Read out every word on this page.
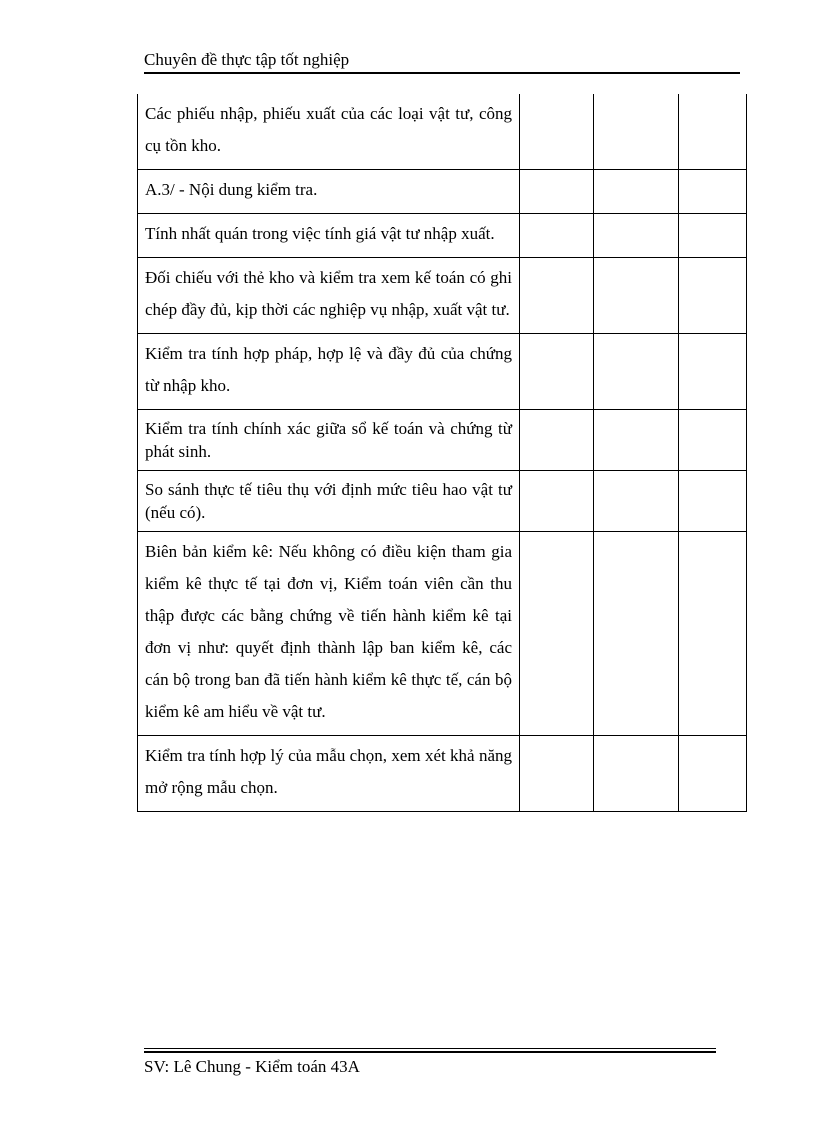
Chuyên đề thực tập tốt nghiệp
Các phiếu nhập, phiếu xuất của các loại vật tư, công cụ tồn kho.			

A.3/ - Nội dung kiểm tra.			

Tính nhất quán trong việc tính giá vật tư nhập xuất.			

Đối chiếu với thẻ kho và kiểm tra xem kế toán có ghi chép đầy đủ, kịp thời các nghiệp vụ nhập, xuất vật tư.			

Kiểm tra tính hợp pháp, hợp lệ và đầy đủ của chứng từ nhập kho.			

Kiểm tra tính chính xác giữa sổ kế toán và chứng từ phát sinh.			

So sánh thực tế tiêu thụ với định mức tiêu hao vật tư (nếu có).			

Biên bản kiểm kê: Nếu không có điều kiện tham gia kiểm kê thực tế tại đơn vị, Kiểm toán viên cần thu thập được các bằng chứng về tiến hành kiểm kê tại đơn vị như: quyết định thành lập ban kiểm kê, các cán bộ trong ban đã tiến hành kiểm kê thực tế, cán bộ kiểm kê am hiểu về vật tư.			

Kiểm tra tính hợp lý của mẫu chọn, xem xét khả năng mở rộng mẫu chọn.			

SV: Lê Chung - Kiểm toán 43A
